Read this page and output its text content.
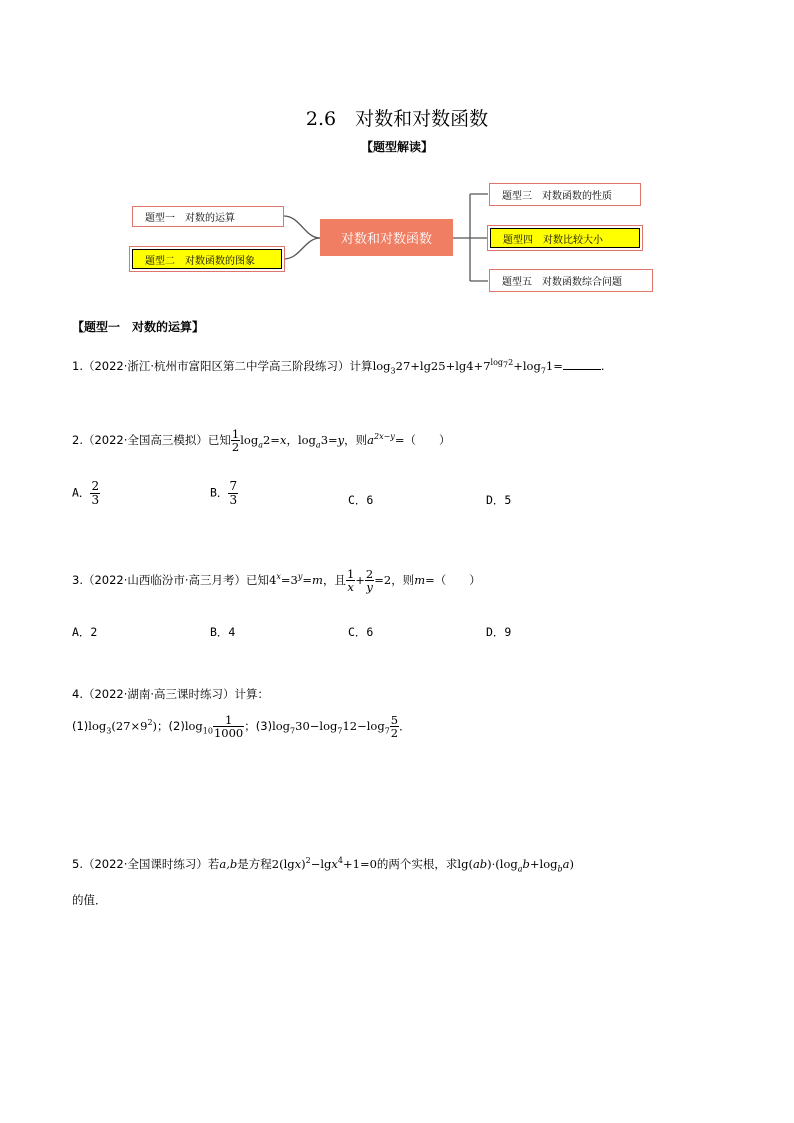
2.6　对数和对数函数
【题型解读】
题型一　对数的运算
题型二　对数函数的图象
对数和对数函数
题型三　对数函数的性质
题型四　对数比较大小
题型五　对数函数综合问题
【题型一　对数的运算】
1.（2022·浙江·杭州市富阳区第二中学高三阶段练习）计算$\log_327+\lg 25+\lg 4+7^{log_72}+\log_71=$	.
2.（2022·全国高三模拟）已知 $\frac{1}{2} \log_a2=x$，$\log_a3=y$，则$a^{2x-y}=$（　　）
A． $\frac{2}{3}$	B． $\frac{7}{3}$	C．6	D．5
3.（2022·山西临汾市·高三月考）已知$4^x=3^y=m$，且 $\frac{1}{x} + \frac{2}{y} =2$，则m=（　　）
A．2	B．4	C．6	D．9
4.（2022·湖南·高三课时练习）计算：
$(1)\log_3(27\times 9^2)$；$(2)\log_{10} \frac{1}{1000}$ ；$(3)\log_730-\log_712-\log_7 \frac{5}{2}$ ．
5.（2022·全国课时练习）若a,b是方程$2(\lg x)^2-\lg x^4+1=0$的两个实根，求$\lg(ab)\cdot(\log_ab+\log_ba)$
的值．
